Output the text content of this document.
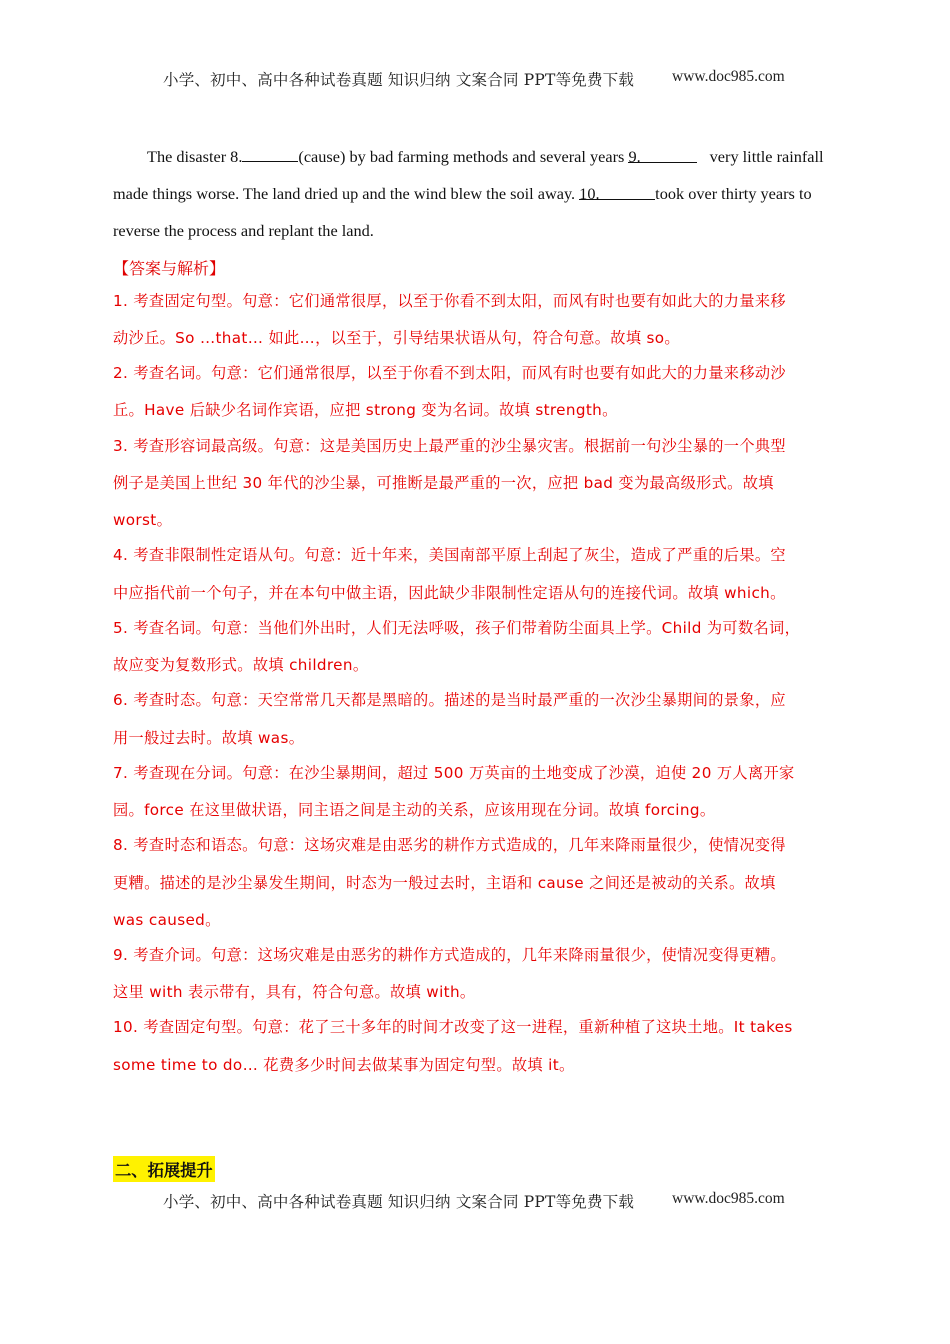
小学、初中、高中各种试卷真题 知识归纳 文案合同 PPT等免费下载 www.doc985.com
The disaster 8.	(cause) by bad farming methods and several years 9.	very little rainfall
made things worse. The land dried up and the wind blew the soil away. 10.	took over thirty years to
reverse the process and replant the land.
【答案与解析】
1. 考查固定句型。句意：它们通常很厚，以至于你看不到太阳，而风有时也要有如此大的力量来移
动沙丘。So …that… 如此…，以至于，引导结果状语从句，符合句意。故填 so。
2. 考查名词。句意：它们通常很厚，以至于你看不到太阳，而风有时也要有如此大的力量来移动沙
丘。Have 后缺少名词作宾语，应把 strong 变为名词。故填 strength。
3. 考查形容词最高级。句意：这是美国历史上最严重的沙尘暴灾害。根据前一句沙尘暴的一个典型
例子是美国上世纪 30 年代的沙尘暴，可推断是最严重的一次，应把 bad 变为最高级形式。故填
worst。
4. 考查非限制性定语从句。句意：近十年来，美国南部平原上刮起了灰尘，造成了严重的后果。空
中应指代前一个句子，并在本句中做主语，因此缺少非限制性定语从句的连接代词。故填 which。
5. 考查名词。句意：当他们外出时，人们无法呼吸，孩子们带着防尘面具上学。Child 为可数名词，
故应变为复数形式。故填 children。
6. 考查时态。句意：天空常常几天都是黑暗的。描述的是当时最严重的一次沙尘暴期间的景象，应
用一般过去时。故填 was。
7. 考查现在分词。句意：在沙尘暴期间，超过 500 万英亩的土地变成了沙漠，迫使 20 万人离开家
园。force 在这里做状语，同主语之间是主动的关系，应该用现在分词。故填 forcing。
8. 考查时态和语态。句意：这场灾难是由恶劣的耕作方式造成的，几年来降雨量很少，使情况变得
更糟。描述的是沙尘暴发生期间，时态为一般过去时，主语和 cause 之间还是被动的关系。故填
was caused。
9. 考查介词。句意：这场灾难是由恶劣的耕作方式造成的，几年来降雨量很少，使情况变得更糟。
这里 with 表示带有，具有，符合句意。故填 with。
10. 考查固定句型。句意：花了三十多年的时间才改变了这一进程，重新种植了这块土地。It takes
some time to do… 花费多少时间去做某事为固定句型。故填 it。
二、拓展提升
小学、初中、高中各种试卷真题 知识归纳 文案合同 PPT等免费下载 www.doc985.com
